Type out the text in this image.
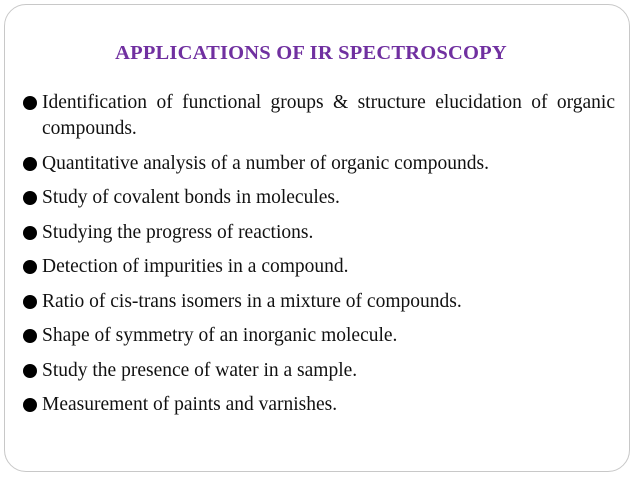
APPLICATIONS OF IR SPECTROSCOPY
Identification of functional groups & structure elucidation of organic compounds.
Quantitative analysis of a number of organic compounds.
Study of covalent bonds in molecules.
Studying the progress of reactions.
Detection of impurities in a compound.
Ratio of cis-trans isomers in a mixture of compounds.
Shape of symmetry of an inorganic molecule.
Study the presence of water in a sample.
Measurement of paints and varnishes.
